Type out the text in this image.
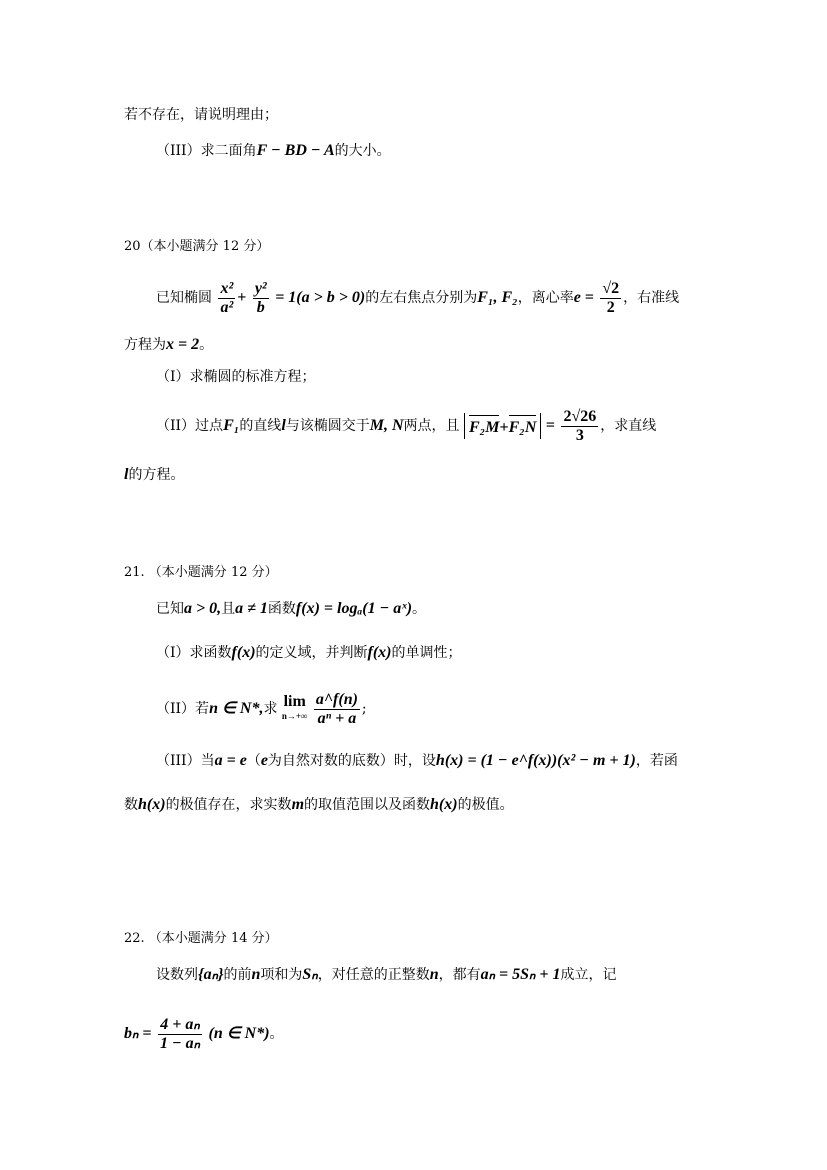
若不存在，请说明理由；
（III）求二面角F − BD − A的大小。
20（本小题满分 12 分）
已知椭圆 $\frac{\text{x²}}{\text{a²}} + \frac{\text{y²}}{b} = 1(a > b > 0)$的左右焦点分别为F₁, F₂，离心率$e = \frac{√2}{2}$ ，右准线
方程为x = 2。
（I）求椭圆的标准方程；
（II）过点F₁的直线l与该椭圆交于M, N两点，且 $F_2M+F_2N = \frac{2√26}{3}$ ，求直线
l的方程。
21. （本小题满分 12 分）
已知a > 0,且a ≠ 1函数f(x) = logₐ(1 − aˣ)。
（I）求函数f(x)的定义域，并判断f(x)的单调性；
（II）若n ∈ N*,求 lim
n→+∞
$\frac{a\^{}f(n)}{\text{aⁿ + a}}$ ;
（III）当a = e（e为自然对数的底数）时，设h(x) = (1 − e^f(x))(x² − m + 1)，若函
数h(x)的极值存在，求实数m的取值范围以及函数h(x)的极值。
22. （本小题满分 14 分）
设数列{aₙ}的前n项和为Sₙ，对任意的正整数n，都有aₙ = 5Sₙ + 1成立，记
$b_n = \frac{\text{4 + aₙ}}{\text{1 − aₙ}} (n$ ∈ N*)。
